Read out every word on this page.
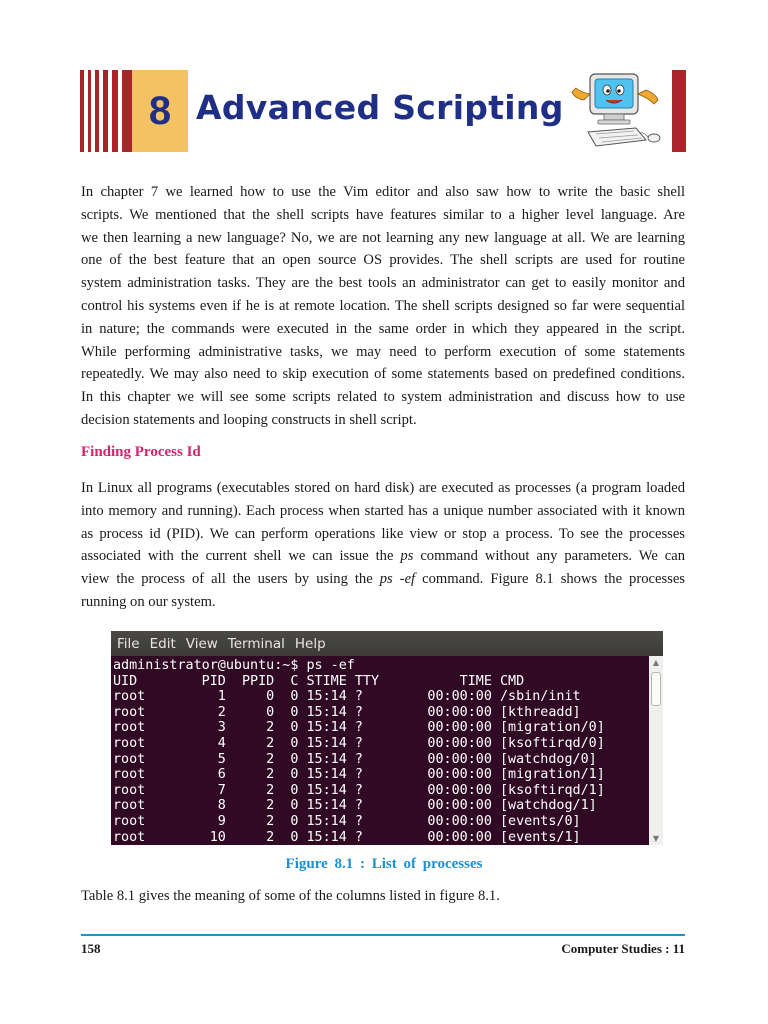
8 Advanced Scripting
In chapter 7 we learned how to use the Vim editor and also saw how to write the basic shell
scripts. We mentioned that the shell scripts have features similar to a higher level language. Are
we then learning a new language? No, we are not learning any new language at all. We are learning
one of the best feature that an open source OS provides. The shell scripts are used for routine
system administration tasks. They are the best tools an administrator can get to easily monitor and
control his systems even if he is at remote location. The shell scripts designed so far were sequential
in nature; the commands were executed in the same order in which they appeared in the script.
While performing administrative tasks, we may need to perform execution of some statements
repeatedly. We may also need to skip execution of some statements based on predefined conditions.
In this chapter we will see some scripts related to system administration and discuss how to use
decision statements and looping constructs in shell script.
Finding Process Id
In Linux all programs (executables stored on hard disk) are executed as processes (a program loaded
into memory and running). Each process when started has a unique number associated with it known
as process id (PID). We can perform operations like view or stop a process. To see the processes
associated with the current shell we can issue the ps command without any parameters. We can
view the process of all the users by using the ps -ef command. Figure 8.1 shows the processes
running on our system.
File Edit View Terminal Help
administrator@ubuntu:~$ ps -ef
UID        PID  PPID  C STIME TTY          TIME CMD
root         1     0  0 15:14 ?        00:00:00 /sbin/init
root         2     0  0 15:14 ?        00:00:00 [kthreadd]
root         3     2  0 15:14 ?        00:00:00 [migration/0]
root         4     2  0 15:14 ?        00:00:00 [ksoftirqd/0]
root         5     2  0 15:14 ?        00:00:00 [watchdog/0]
root         6     2  0 15:14 ?        00:00:00 [migration/1]
root         7     2  0 15:14 ?        00:00:00 [ksoftirqd/1]
root         8     2  0 15:14 ?        00:00:00 [watchdog/1]
root         9     2  0 15:14 ?        00:00:00 [events/0]
root        10     2  0 15:14 ?        00:00:00 [events/1]
▲
▼
Figure 8.1 : List of processes
Table 8.1 gives the meaning of some of the columns listed in figure 8.1.
158	Computer Studies : 11
